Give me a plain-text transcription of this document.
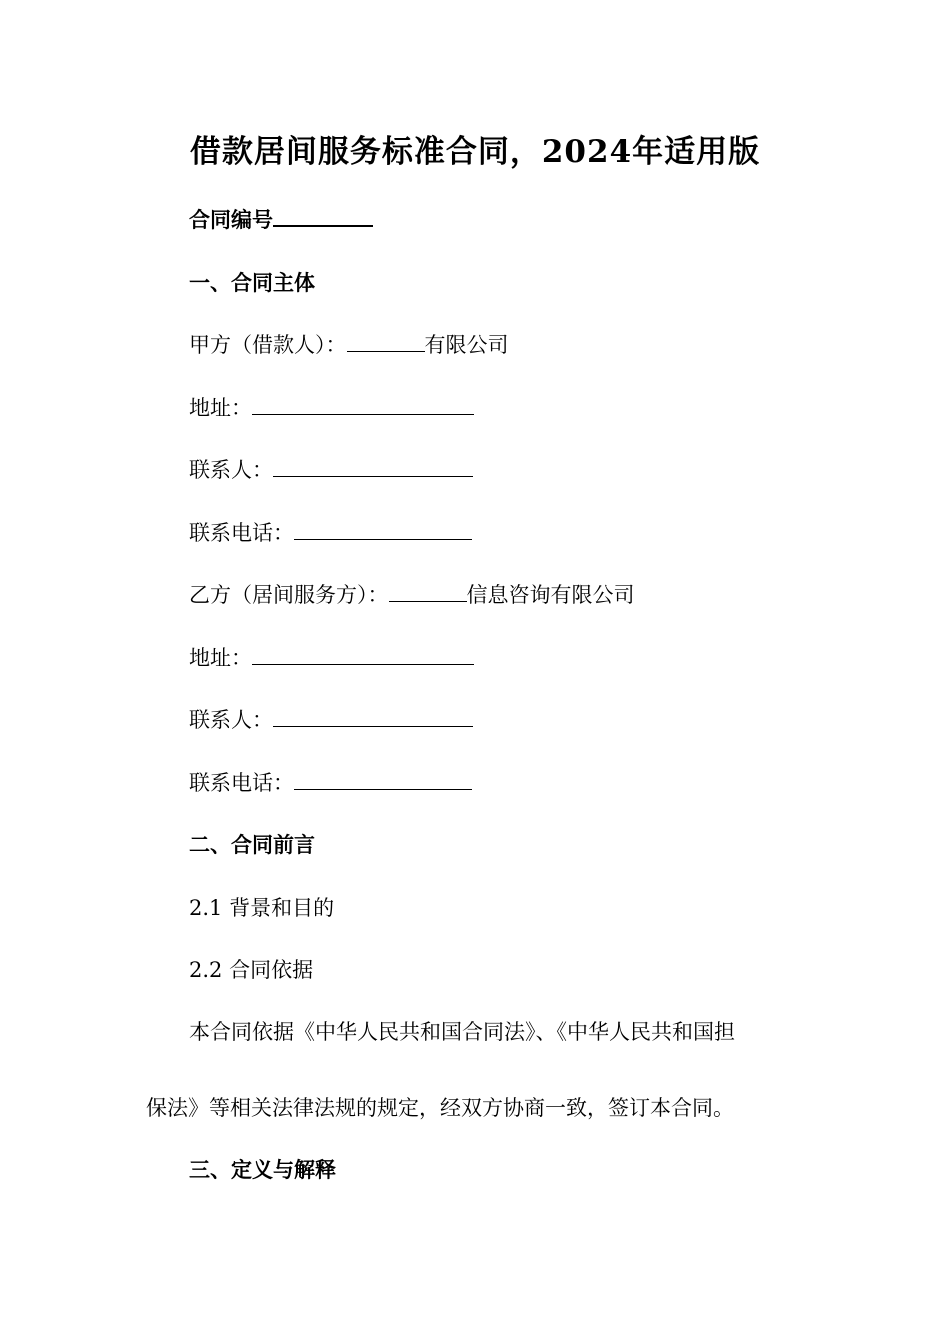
借款居间服务标准合同，2024年适用版
合同编号
一、合同主体
甲方（借款人）：	有限公司
地址：
联系人：
联系电话：
乙方（居间服务方）：	信息咨询有限公司
地址：
联系人：
联系电话：
二、合同前言
2.1 背景和目的
2.2 合同依据
本合同依据《中华人民共和国合同法》、《中华人民共和国担
保法》等相关法律法规的规定，经双方协商一致，签订本合同。
三、定义与解释
